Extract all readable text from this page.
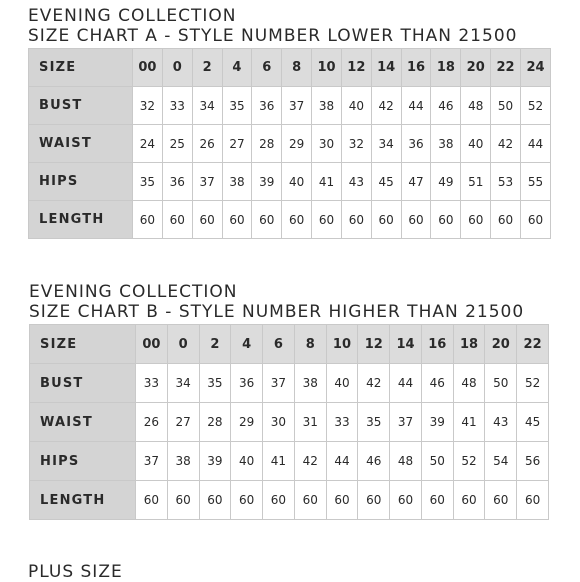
EVENING COLLECTION
SIZE CHART A - STYLE NUMBER LOWER THAN 21500
SIZE	00	0	2	4	6	8	10	12	14	16	18	20	22	24
BUST	32	33	34	35	36	37	38	40	42	44	46	48	50	52
WAIST	24	25	26	27	28	29	30	32	34	36	38	40	42	44
HIPS	35	36	37	38	39	40	41	43	45	47	49	51	53	55
LENGTH	60	60	60	60	60	60	60	60	60	60	60	60	60	60
EVENING COLLECTION
SIZE CHART B - STYLE NUMBER HIGHER THAN 21500
SIZE	00	0	2	4	6	8	10	12	14	16	18	20	22
BUST	33	34	35	36	37	38	40	42	44	46	48	50	52
WAIST	26	27	28	29	30	31	33	35	37	39	41	43	45
HIPS	37	38	39	40	41	42	44	46	48	50	52	54	56
LENGTH	60	60	60	60	60	60	60	60	60	60	60	60	60
PLUS SIZE
